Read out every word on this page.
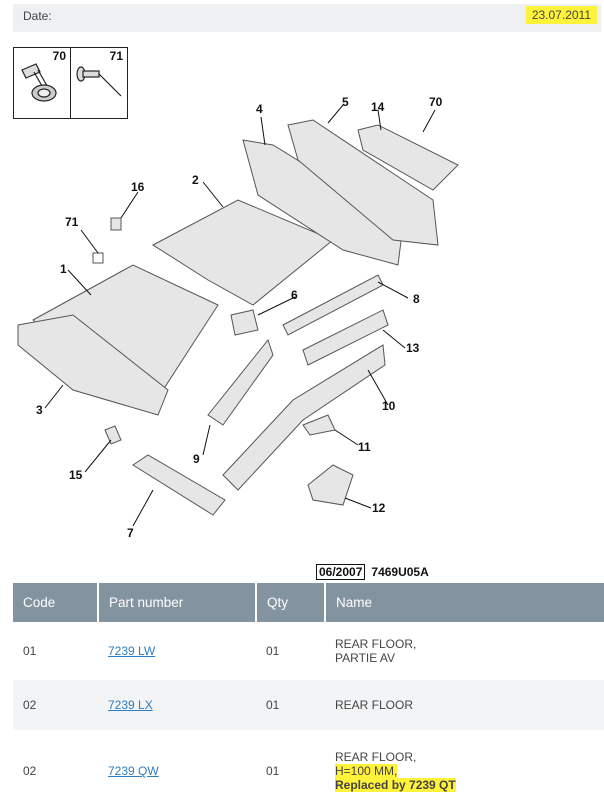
Date:	23.07.2011
70	71
4	5 14	70
16	2
71
1
6	8
13
3	10
9
11
15
12
7
06/2007 7469U05A
Code	Part number	Qty	Name
01	7239 LW	01	REAR FLOOR,
PARTIE AV

02	7239 LX	01	REAR FLOOR

02	7239 QW	01	REAR FLOOR,
H=100 MM,
Replaced by 7239 QT
